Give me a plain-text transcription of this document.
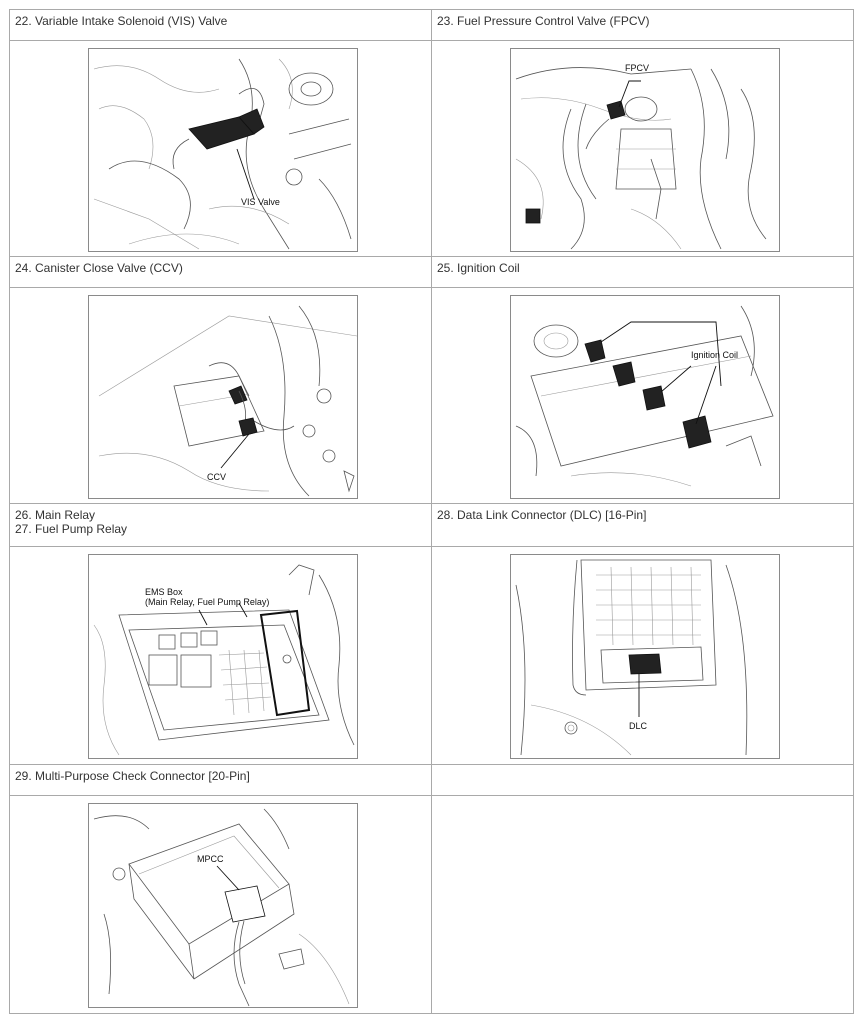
22. Variable Intake Solenoid (VIS) Valve	23. Fuel Pressure Control Valve (FPCV)

VIS Valve	FPCV

24. Canister Close Valve (CCV)	25. Ignition Coil

CCV	Ignition Coil

26. Main Relay
27. Fuel Pump Relay	28. Data Link Connector (DLC) [16-Pin]

EMS Box
(Main Relay, Fuel Pump Relay)	DLC

29. Multi-Purpose Check Connector [20-Pin]	

MPCC	
